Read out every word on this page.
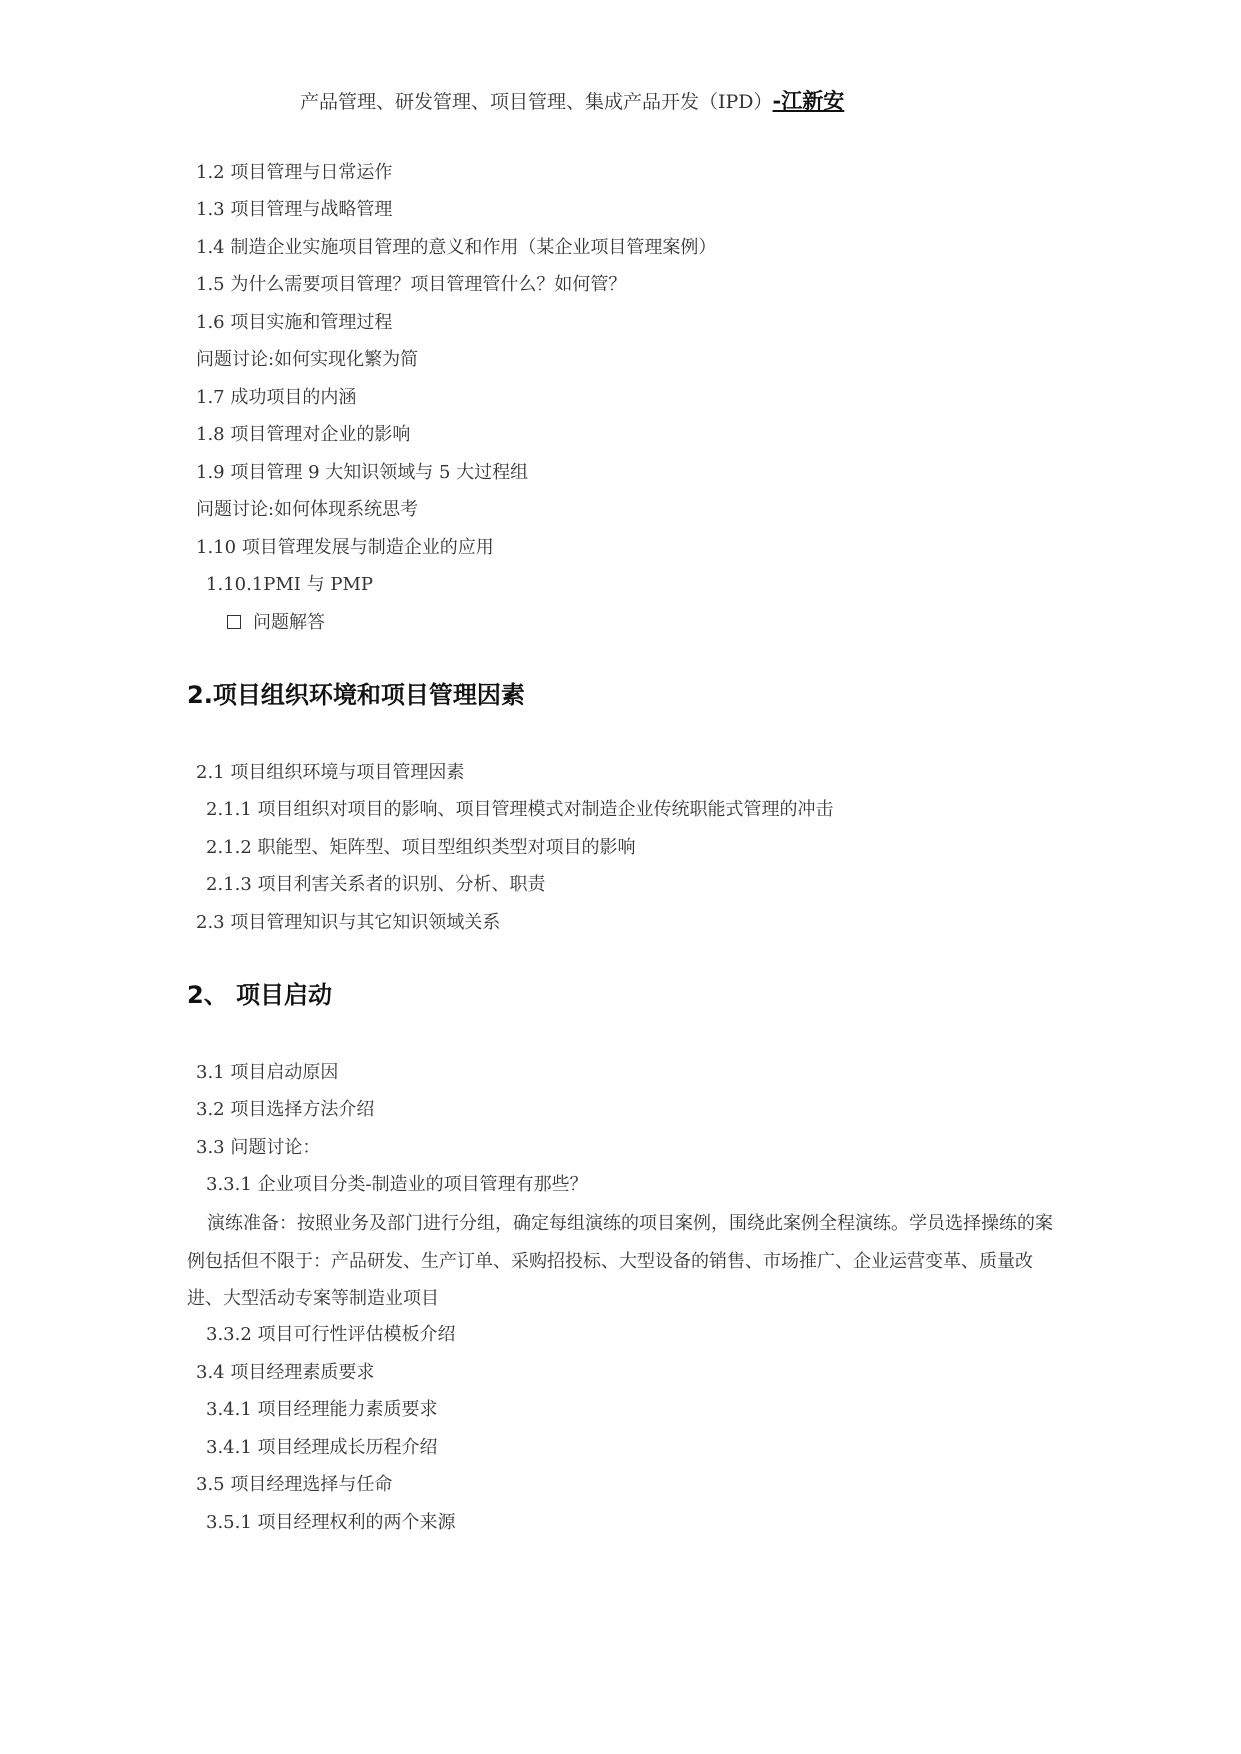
产品管理、研发管理、项目管理、集成产品开发（IPD）-江新安
1.2 项目管理与日常运作
1.3 项目管理与战略管理
1.4 制造企业实施项目管理的意义和作用（某企业项目管理案例）
1.5 为什么需要项目管理？项目管理管什么？如何管？
1.6 项目实施和管理过程
问题讨论:如何实现化繁为简
1.7 成功项目的内涵
1.8 项目管理对企业的影响
1.9 项目管理 9 大知识领域与 5 大过程组
问题讨论:如何体现系统思考
1.10 项目管理发展与制造企业的应用
1.10.1PMI 与 PMP
问题解答
2.项目组织环境和项目管理因素
2.1 项目组织环境与项目管理因素
2.1.1 项目组织对项目的影响、项目管理模式对制造企业传统职能式管理的冲击
2.1.2 职能型、矩阵型、项目型组织类型对项目的影响
2.1.3 项目利害关系者的识别、分析、职责
2.3 项目管理知识与其它知识领域关系
2、 项目启动
3.1 项目启动原因
3.2 项目选择方法介绍
3.3 问题讨论：
3.3.1 企业项目分类-制造业的项目管理有那些？
演练准备：按照业务及部门进行分组，确定每组演练的项目案例，围绕此案例全程演练。学员选择操练的案例包括但不限于：产品研发、生产订单、采购招投标、大型设备的销售、市场推广、企业运营变革、质量改进、大型活动专案等制造业项目
3.3.2 项目可行性评估模板介绍
3.4 项目经理素质要求
3.4.1 项目经理能力素质要求
3.4.1 项目经理成长历程介绍
3.5 项目经理选择与任命
3.5.1 项目经理权利的两个来源
